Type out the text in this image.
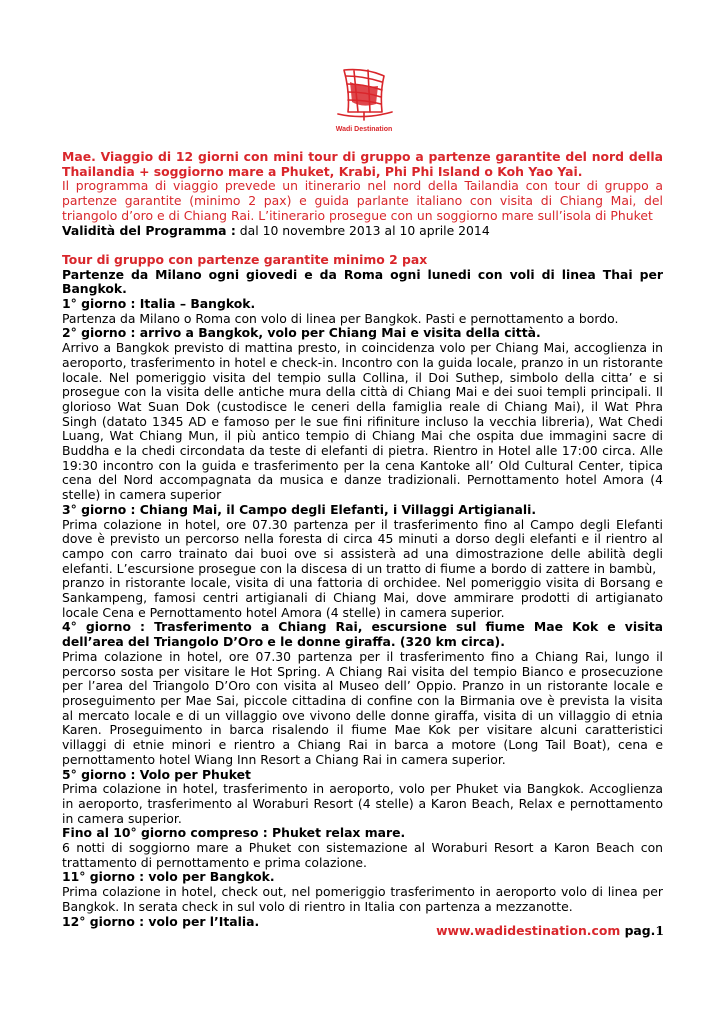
Wadi Destination

Mae. Viaggio di 12 giorni con mini tour di gruppo a partenze garantite del nord della Thailandia + soggiorno mare a Phuket, Krabi, Phi Phi Island o Koh Yao Yai.

Il programma di viaggio prevede un itinerario nel nord della Tailandia con tour di gruppo a partenze garantite (minimo 2 pax) e guida parlante italiano con visita di Chiang Mai, del triangolo d’oro e di Chiang Rai. L’itinerario prosegue con un soggiorno mare sull’isola di Phuket

Validità del Programma : dal 10 novembre 2013 al 10 aprile 2014

Tour di gruppo con partenze garantite minimo 2 pax

Partenze da Milano ogni giovedi e da Roma ogni lunedi con voli di linea Thai per Bangkok.

1° giorno : Italia – Bangkok.

Partenza da Milano o Roma con volo di linea per Bangkok. Pasti e pernottamento a bordo.

2° giorno : arrivo a Bangkok, volo per Chiang Mai e visita della città.

Arrivo a Bangkok previsto di mattina presto, in coincidenza volo per Chiang Mai, accoglienza in aeroporto, trasferimento in hotel e check-in. Incontro con la guida locale, pranzo in un ristorante locale. Nel pomeriggio visita del tempio sulla Collina, il Doi Suthep, simbolo della citta’ e si prosegue con la visita delle antiche mura della città di Chiang Mai e dei suoi templi principali. Il glorioso Wat Suan Dok (custodisce le ceneri della famiglia reale di Chiang Mai), il Wat Phra Singh (datato 1345 AD e famoso per le sue fini rifiniture incluso la vecchia libreria), Wat Chedi Luang, Wat Chiang Mun, il più antico tempio di Chiang Mai che ospita due immagini sacre di Buddha e la chedi circondata da teste di elefanti di pietra. Rientro in Hotel alle 17:00 circa. Alle 19:30 incontro con la guida e trasferimento per la cena Kantoke all’ Old Cultural Center, tipica cena del Nord accompagnata da musica e danze tradizionali. Pernottamento hotel Amora (4 stelle) in camera superior

3° giorno : Chiang Mai, il Campo degli Elefanti, i Villaggi Artigianali.

Prima colazione in hotel, ore 07.30 partenza per il trasferimento fino al Campo degli Elefanti dove è previsto un percorso nella foresta di circa 45 minuti a dorso degli elefanti e il rientro al campo con carro trainato dai buoi ove si assisterà ad una dimostrazione delle abilità degli elefanti. L’escursione prosegue con la discesa di un tratto di fiume a bordo di zattere in bambù,

pranzo in ristorante locale, visita di una fattoria di orchidee. Nel pomeriggio visita di Borsang e Sankampeng, famosi centri artigianali di Chiang Mai, dove ammirare prodotti di artigianato locale Cena e Pernottamento hotel Amora (4 stelle) in camera superior.

4° giorno : Trasferimento a Chiang Rai, escursione sul fiume Mae Kok e visita dell’area del Triangolo D’Oro e le donne giraffa. (320 km circa).

Prima colazione in hotel, ore 07.30 partenza per il trasferimento fino a Chiang Rai, lungo il percorso sosta per visitare le Hot Spring. A Chiang Rai visita del tempio Bianco e prosecuzione per l’area del Triangolo D’Oro con visita al Museo dell’ Oppio. Pranzo in un ristorante locale e proseguimento per Mae Sai, piccole cittadina di confine con la Birmania ove è prevista la visita al mercato locale e di un villaggio ove vivono delle donne giraffa, visita di un villaggio di etnia Karen. Proseguimento in barca risalendo il fiume Mae Kok per visitare alcuni caratteristici villaggi di etnie minori e rientro a Chiang Rai in barca a motore (Long Tail Boat), cena e pernottamento hotel Wiang Inn Resort a Chiang Rai in camera superior.

5° giorno : Volo per Phuket

Prima colazione in hotel, trasferimento in aeroporto, volo per Phuket via Bangkok. Accoglienza in aeroporto, trasferimento al Woraburi Resort (4 stelle) a Karon Beach, Relax e pernottamento in camera superior.

Fino al 10° giorno compreso : Phuket relax mare.

6 notti di soggiorno mare a Phuket con sistemazione al Woraburi Resort a Karon Beach con trattamento di pernottamento e prima colazione.

11° giorno : volo per Bangkok.

Prima colazione in hotel, check out, nel pomeriggio trasferimento in aeroporto volo di linea per Bangkok. In serata check in sul volo di rientro in Italia con partenza a mezzanotte.

12° giorno : volo per l’Italia.

www.wadidestination.com pag.1
